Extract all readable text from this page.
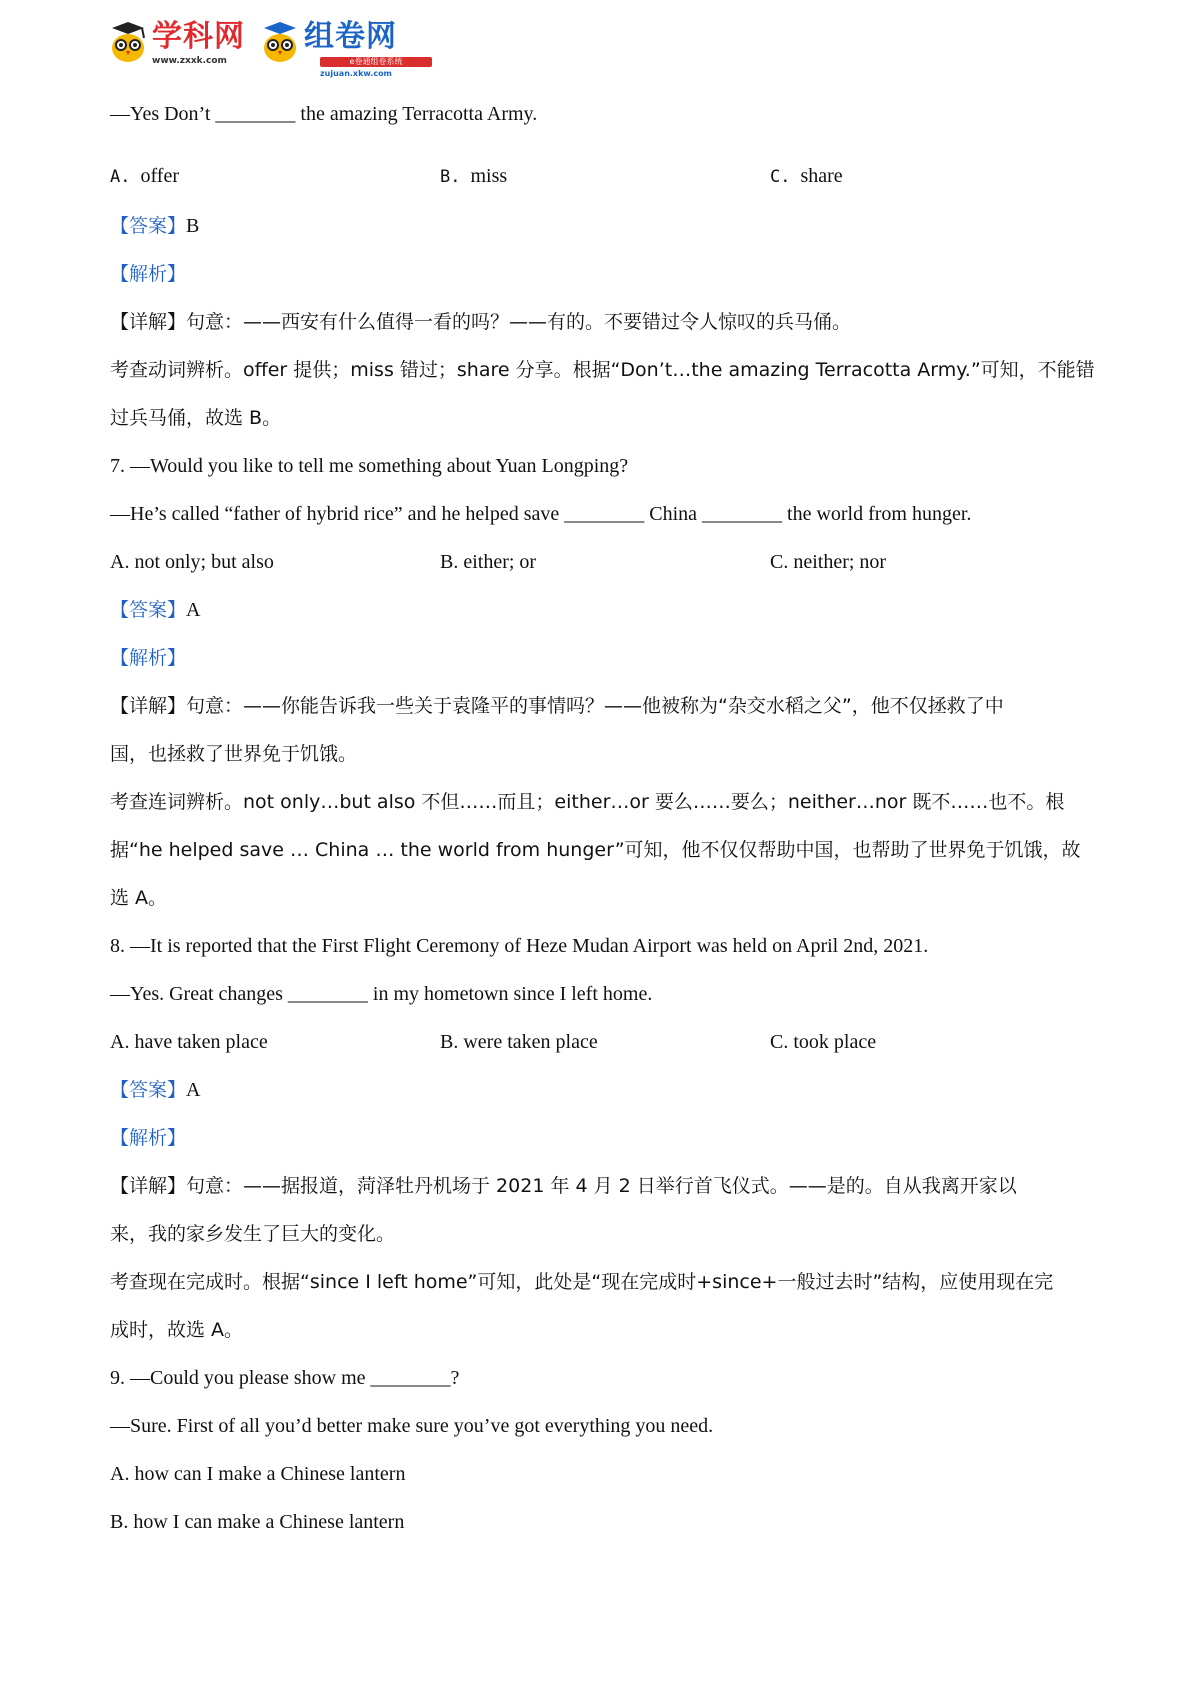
学科网
www.zxxk.com
组卷网
e卷通组卷系统
zujuan.xkw.com
—Yes Don’t ________ the amazing Terracotta Army.
A. offer	B. miss	C. share
【答案】B
【解析】
【详解】句意：——西安有什么值得一看的吗？——有的。不要错过令人惊叹的兵马俑。
考查动词辨析。offer 提供；miss 错过；share 分享。根据“Don’t…the amazing Terracotta Army.”可知，不能错
过兵马俑，故选 B。
7. —Would you like to tell me something about Yuan Longping?
—He’s called “father of hybrid rice” and he helped save ________ China ________ the world from hunger.
A. not only; but also	B. either; or	C. neither; nor
【答案】A
【解析】
【详解】句意：——你能告诉我一些关于袁隆平的事情吗？——他被称为“杂交水稻之父”，他不仅拯救了中
国，也拯救了世界免于饥饿。
考查连词辨析。not only…but also 不但……而且；either…or 要么……要么；neither…nor 既不……也不。根
据“he helped save … China … the world from hunger”可知，他不仅仅帮助中国，也帮助了世界免于饥饿，故
选 A。
8. —It is reported that the First Flight Ceremony of Heze Mudan Airport was held on April 2nd, 2021.
—Yes. Great changes ________ in my hometown since I left home.
A. have taken place	B. were taken place	C. took place
【答案】A
【解析】
【详解】句意：——据报道，菏泽牡丹机场于 2021 年 4 月 2 日举行首飞仪式。——是的。自从我离开家以
来，我的家乡发生了巨大的变化。
考查现在完成时。根据“since I left home”可知，此处是“现在完成时+since+一般过去时”结构，应使用现在完
成时，故选 A。
9. —Could you please show me ________?
—Sure. First of all you’d better make sure you’ve got everything you need.
A. how can I make a Chinese lantern
B. how I can make a Chinese lantern
